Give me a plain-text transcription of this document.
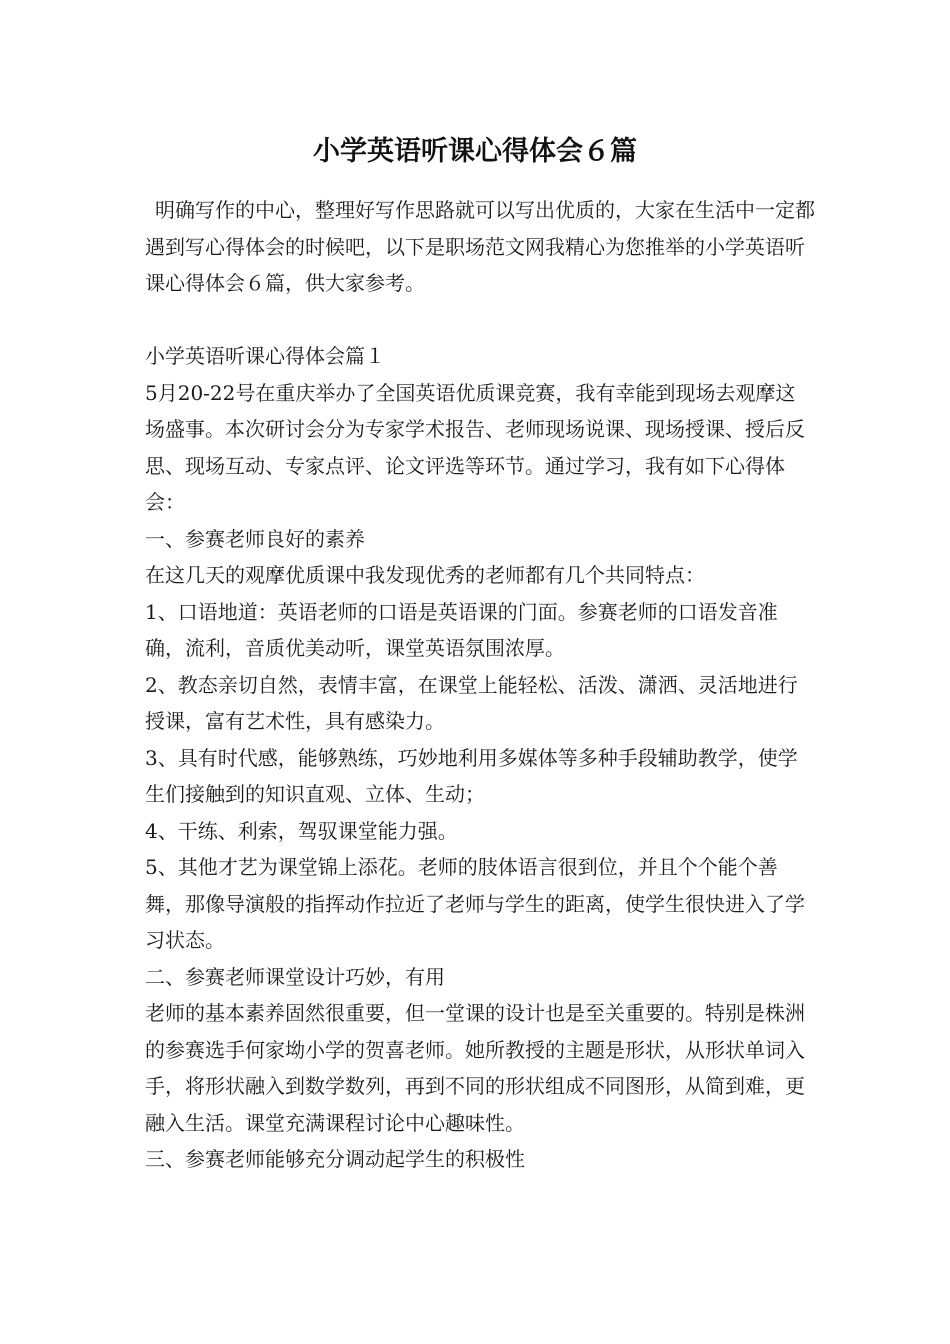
小学英语听课心得体会６篇

明确写作的中心，整理好写作思路就可以写出优质的，大家在生活中一定都遇到写心得体会的时候吧，以下是职场范文网我精心为您推举的小学英语听课心得体会６篇，供大家参考。

小学英语听课心得体会篇１

5月20-22号在重庆举办了全国英语优质课竞赛，我有幸能到现场去观摩这场盛事。本次研讨会分为专家学术报告、老师现场说课、现场授课、授后反思、现场互动、专家点评、论文评选等环节。通过学习，我有如下心得体会：

一、参赛老师良好的素养

在这几天的观摩优质课中我发现优秀的老师都有几个共同特点：

1、口语地道：英语老师的口语是英语课的门面。参赛老师的口语发音准确，流利，音质优美动听，课堂英语氛围浓厚。

2、教态亲切自然，表情丰富，在课堂上能轻松、活泼、潇洒、灵活地进行授课，富有艺术性，具有感染力。

3、具有时代感，能够熟练，巧妙地利用多媒体等多种手段辅助教学，使学生们接触到的知识直观、立体、生动；

4、干练、利索，驾驭课堂能力强。

5、其他才艺为课堂锦上添花。老师的肢体语言很到位，并且个个能个善舞，那像导演般的指挥动作拉近了老师与学生的距离，使学生很快进入了学习状态。

二、参赛老师课堂设计巧妙，有用

老师的基本素养固然很重要，但一堂课的设计也是至关重要的。特别是株洲的参赛选手何家坳小学的贺喜老师。她所教授的主题是形状，从形状单词入手，将形状融入到数学数列，再到不同的形状组成不同图形，从简到难，更融入生活。课堂充满课程讨论中心趣味性。

三、参赛老师能够充分调动起学生的积极性
